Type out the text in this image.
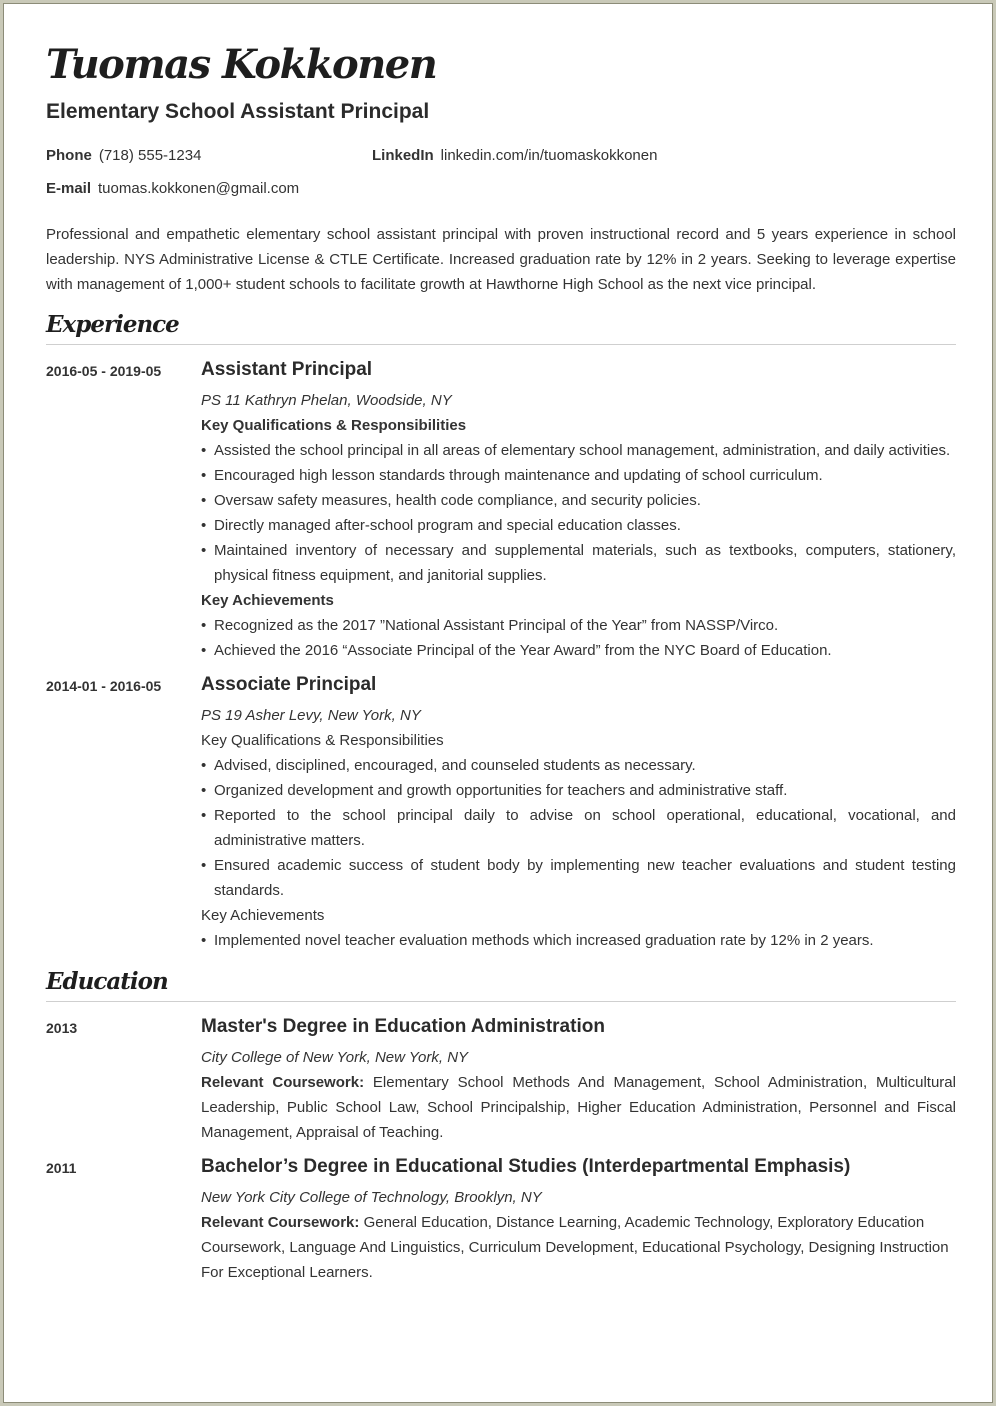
Tuomas Kokkonen
Elementary School Assistant Principal
Phone (718) 555-1234	LinkedIn linkedin.com/in/tuomaskokkonen
E-mail tuomas.kokkonen@gmail.com
Professional and empathetic elementary school assistant principal with proven instructional record and 5 years experience in school leadership. NYS Administrative License & CTLE Certificate. Increased graduation rate by 12% in 2 years. Seeking to leverage expertise with management of 1,000+ student schools to facilitate growth at Hawthorne High School as the next vice principal.
Experience
2016-05 - 2019-05 Assistant Principal
PS 11 Kathryn Phelan, Woodside, NY
Key Qualifications & Responsibilities
• Assisted the school principal in all areas of elementary school management, administration, and daily activities.
• Encouraged high lesson standards through maintenance and updating of school curriculum.
• Oversaw safety measures, health code compliance, and security policies.
• Directly managed after-school program and special education classes.
• Maintained inventory of necessary and supplemental materials, such as textbooks, computers, stationery, physical fitness equipment, and janitorial supplies.
Key Achievements
• Recognized as the 2017 ”National Assistant Principal of the Year” from NASSP/Virco.
• Achieved the 2016 “Associate Principal of the Year Award” from the NYC Board of Education.
2014-01 - 2016-05 Associate Principal
PS 19 Asher Levy, New York, NY
Key Qualifications & Responsibilities
• Advised, disciplined, encouraged, and counseled students as necessary.
• Organized development and growth opportunities for teachers and administrative staff.
• Reported to the school principal daily to advise on school operational, educational, vocational, and administrative matters.
• Ensured academic success of student body by implementing new teacher evaluations and student testing standards.
Key Achievements
• Implemented novel teacher evaluation methods which increased graduation rate by 12% in 2 years.
Education
2013	Master's Degree in Education Administration
City College of New York, New York, NY
Relevant Coursework: Elementary School Methods And Management, School Administration, Multicultural Leadership, Public School Law, School Principalship, Higher Education Administration, Personnel and Fiscal Management, Appraisal of Teaching.
2011	Bachelor’s Degree in Educational Studies (Interdepartmental Emphasis)
New York City College of Technology, Brooklyn, NY
Relevant Coursework: General Education, Distance Learning, Academic Technology, Exploratory Education Coursework, Language And Linguistics, Curriculum Development, Educational Psychology, Designing Instruction For Exceptional Learners.
